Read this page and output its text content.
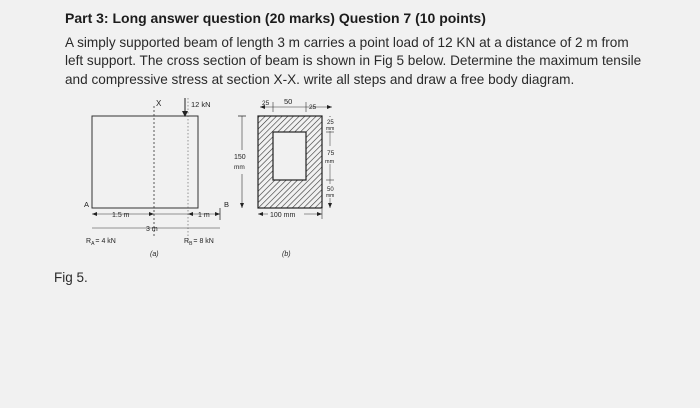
Part 3: Long answer question (20 marks) Question 7 (10 points)
A simply supported beam of length 3 m carries a point load of 12 KN at a distance of 2 m from
left support. The cross section of beam is shown in Fig 5 below. Determine the maximum tensile
and compressive stress at section X-X. write all steps and draw a free body diagram.
X	12 kN
A	B
1.5 m	1 m
3 m
$R_A= 4$ kN	$R_B= 8$ kN
(a)
25 50
25
150
mm
25
mm
75
mm
50
mm
100 mm
(b)
Fig 5.
